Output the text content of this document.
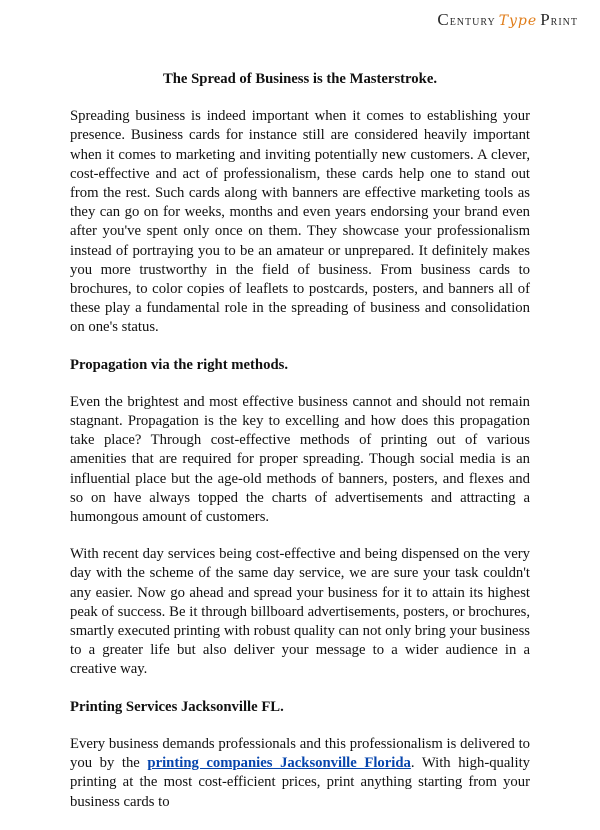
Century Type Print
The Spread of Business is the Masterstroke.

Spreading business is indeed important when it comes to establishing your presence. Business cards for instance still are considered heavily important when it comes to marketing and inviting potentially new customers. A clever, cost-effective and act of professionalism, these cards help one to stand out from the rest. Such cards along with banners are effective marketing tools as they can go on for weeks, months and even years endorsing your brand even after you've spent only once on them. They showcase your professionalism instead of portraying you to be an amateur or unprepared. It definitely makes you more trustworthy in the field of business. From business cards to brochures, to color copies of leaflets to postcards, posters, and banners all of these play a fundamental role in the spreading of business and consolidation on one's status.

Propagation via the right methods.

Even the brightest and most effective business cannot and should not remain stagnant. Propagation is the key to excelling and how does this propagation take place? Through cost-effective methods of printing out of various amenities that are required for proper spreading. Though social media is an influential place but the age-old methods of banners, posters, and flexes and so on have always topped the charts of advertisements and attracting a humongous amount of customers.

With recent day services being cost-effective and being dispensed on the very day with the scheme of the same day service, we are sure your task couldn't any easier. Now go ahead and spread your business for it to attain its highest peak of success. Be it through billboard advertisements, posters, or brochures, smartly executed printing with robust quality can not only bring your business to a greater life but also deliver your message to a wider audience in a creative way.

Printing Services Jacksonville FL.

Every business demands professionals and this professionalism is delivered to you by the printing companies Jacksonville Florida. With high-quality printing at the most cost-efficient prices, print anything starting from your business cards to
